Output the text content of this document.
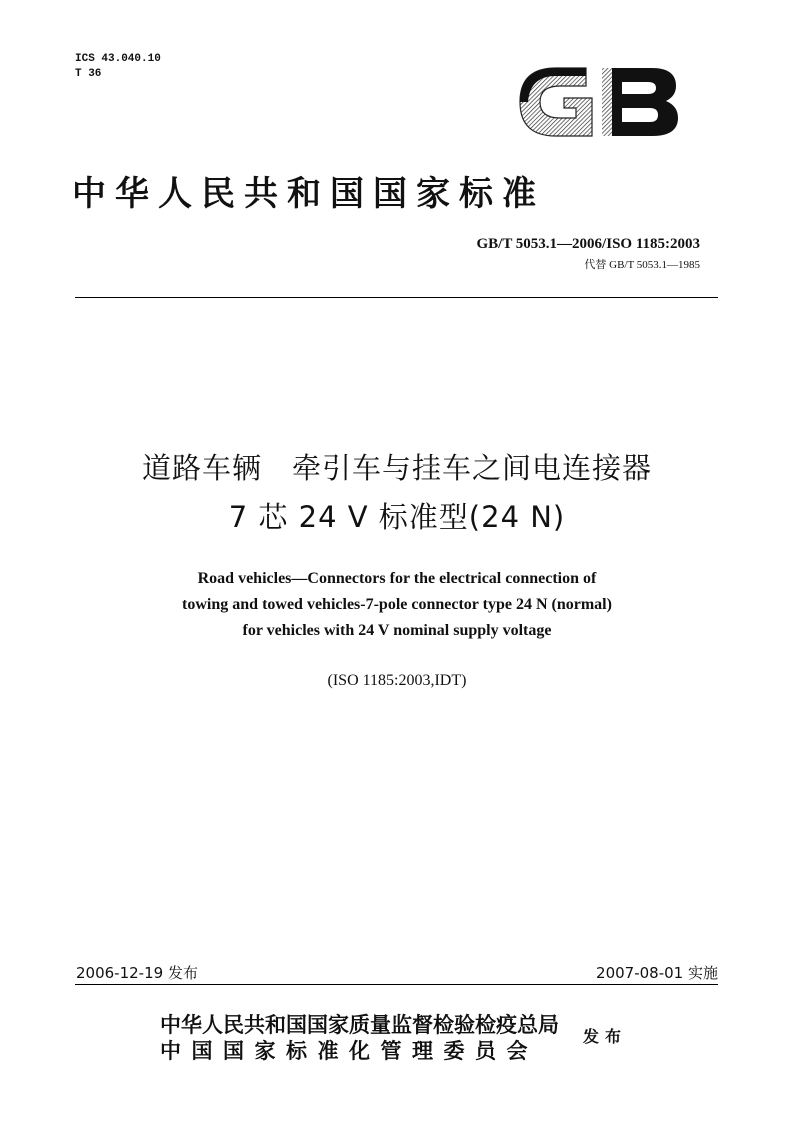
ICS 43.040.10
T 36
中华人民共和国国家标准
GB/T 5053.1—2006/ISO 1185:2003
代替 GB/T 5053.1—1985
道路车辆　牵引车与挂车之间电连接器
7 芯 24 V 标准型(24 N)
Road vehicles—Connectors for the electrical connection of
towing and towed vehicles-7-pole connector type 24 N (normal)
for vehicles with 24 V nominal supply voltage
(ISO 1185:2003,IDT)
2006-12-19 发布	2007-08-01 实施
中华人民共和国国家质量监督检验检疫总局
中国国家标准化管理委员会
发布
